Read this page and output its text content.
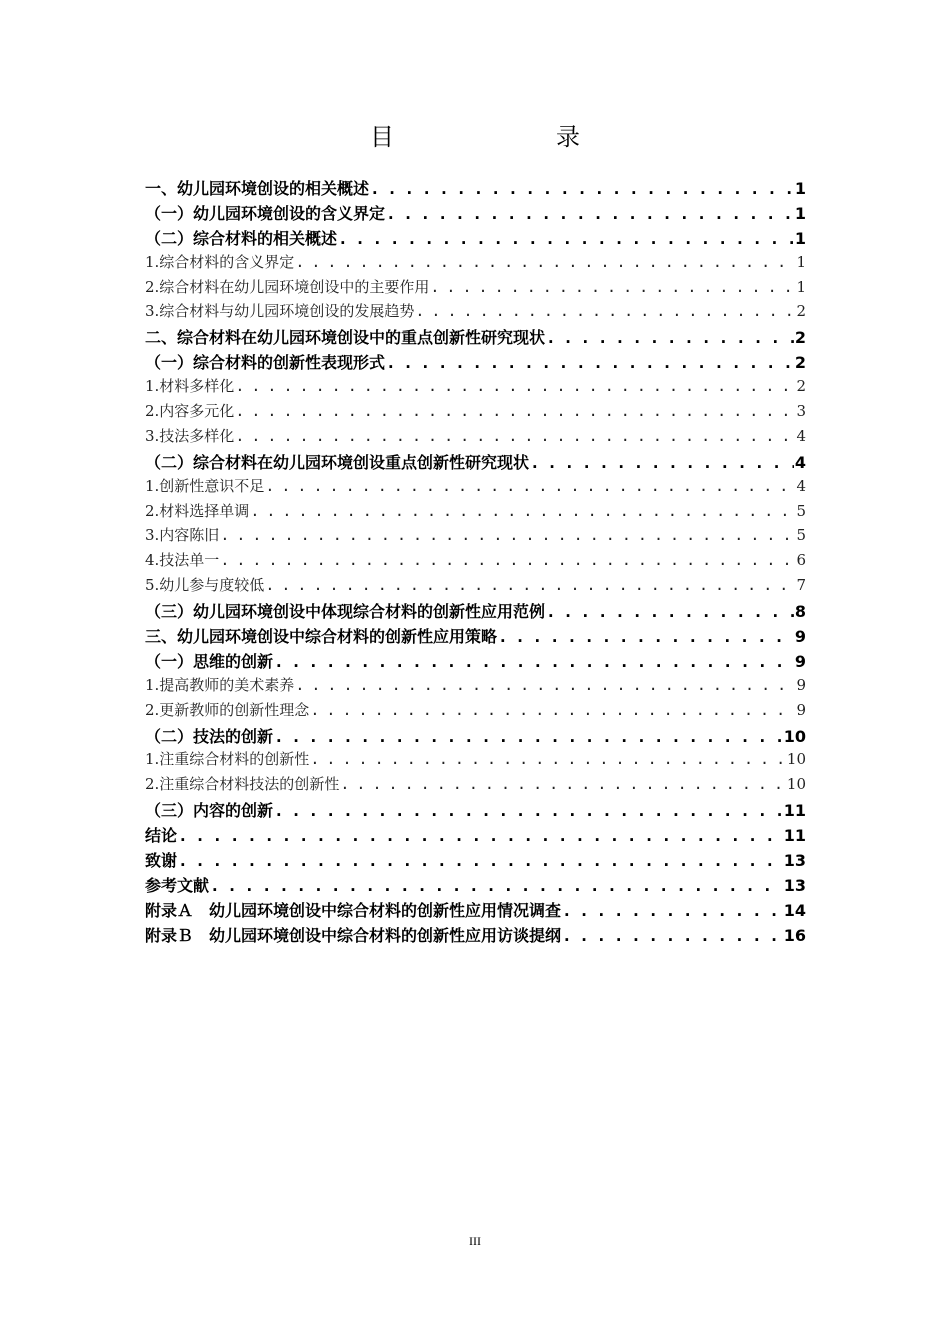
目　　录
一、幼儿园环境创设的相关概述 . . .	1
（一）幼儿园环境创设的含义界定 . . .	1
（二）综合材料的相关概述 . . .	1
1.综合材料的含义界定 . . .	1
2.综合材料在幼儿园环境创设中的主要作用 . . .	1
3.综合材料与幼儿园环境创设的发展趋势 . . .	2
二、综合材料在幼儿园环境创设中的重点创新性研究现状 . . .	2
（一）综合材料的创新性表现形式 . . .	2
1.材料多样化 . . .	2
2.内容多元化 . . .	3
3.技法多样化 . . .	4
（二）综合材料在幼儿园环境创设重点创新性研究现状 . . .	4
1.创新性意识不足 . . .	4
2.材料选择单调 . . .	5
3.内容陈旧 . . .	5
4.技法单一 . . .	6
5.幼儿参与度较低 . . .	7
（三）幼儿园环境创设中体现综合材料的创新性应用范例 . . .	8
三、幼儿园环境创设中综合材料的创新性应用策略 . . .	9
（一）思维的创新 . . .	9
1.提高教师的美术素养 . . .	9
2.更新教师的创新性理念 . . .	9
（二）技法的创新 . . .	10
1.注重综合材料的创新性 . . .	10
2.注重综合材料技法的创新性 . . .	10
（三）内容的创新 . . .	11
结论 . . .	11
致谢 . . .	13
参考文献 . . .	13
附录Ａ　幼儿园环境创设中综合材料的创新性应用情况调查 . . .	14
附录Ｂ　幼儿园环境创设中综合材料的创新性应用访谈提纲 . . .	16
III
